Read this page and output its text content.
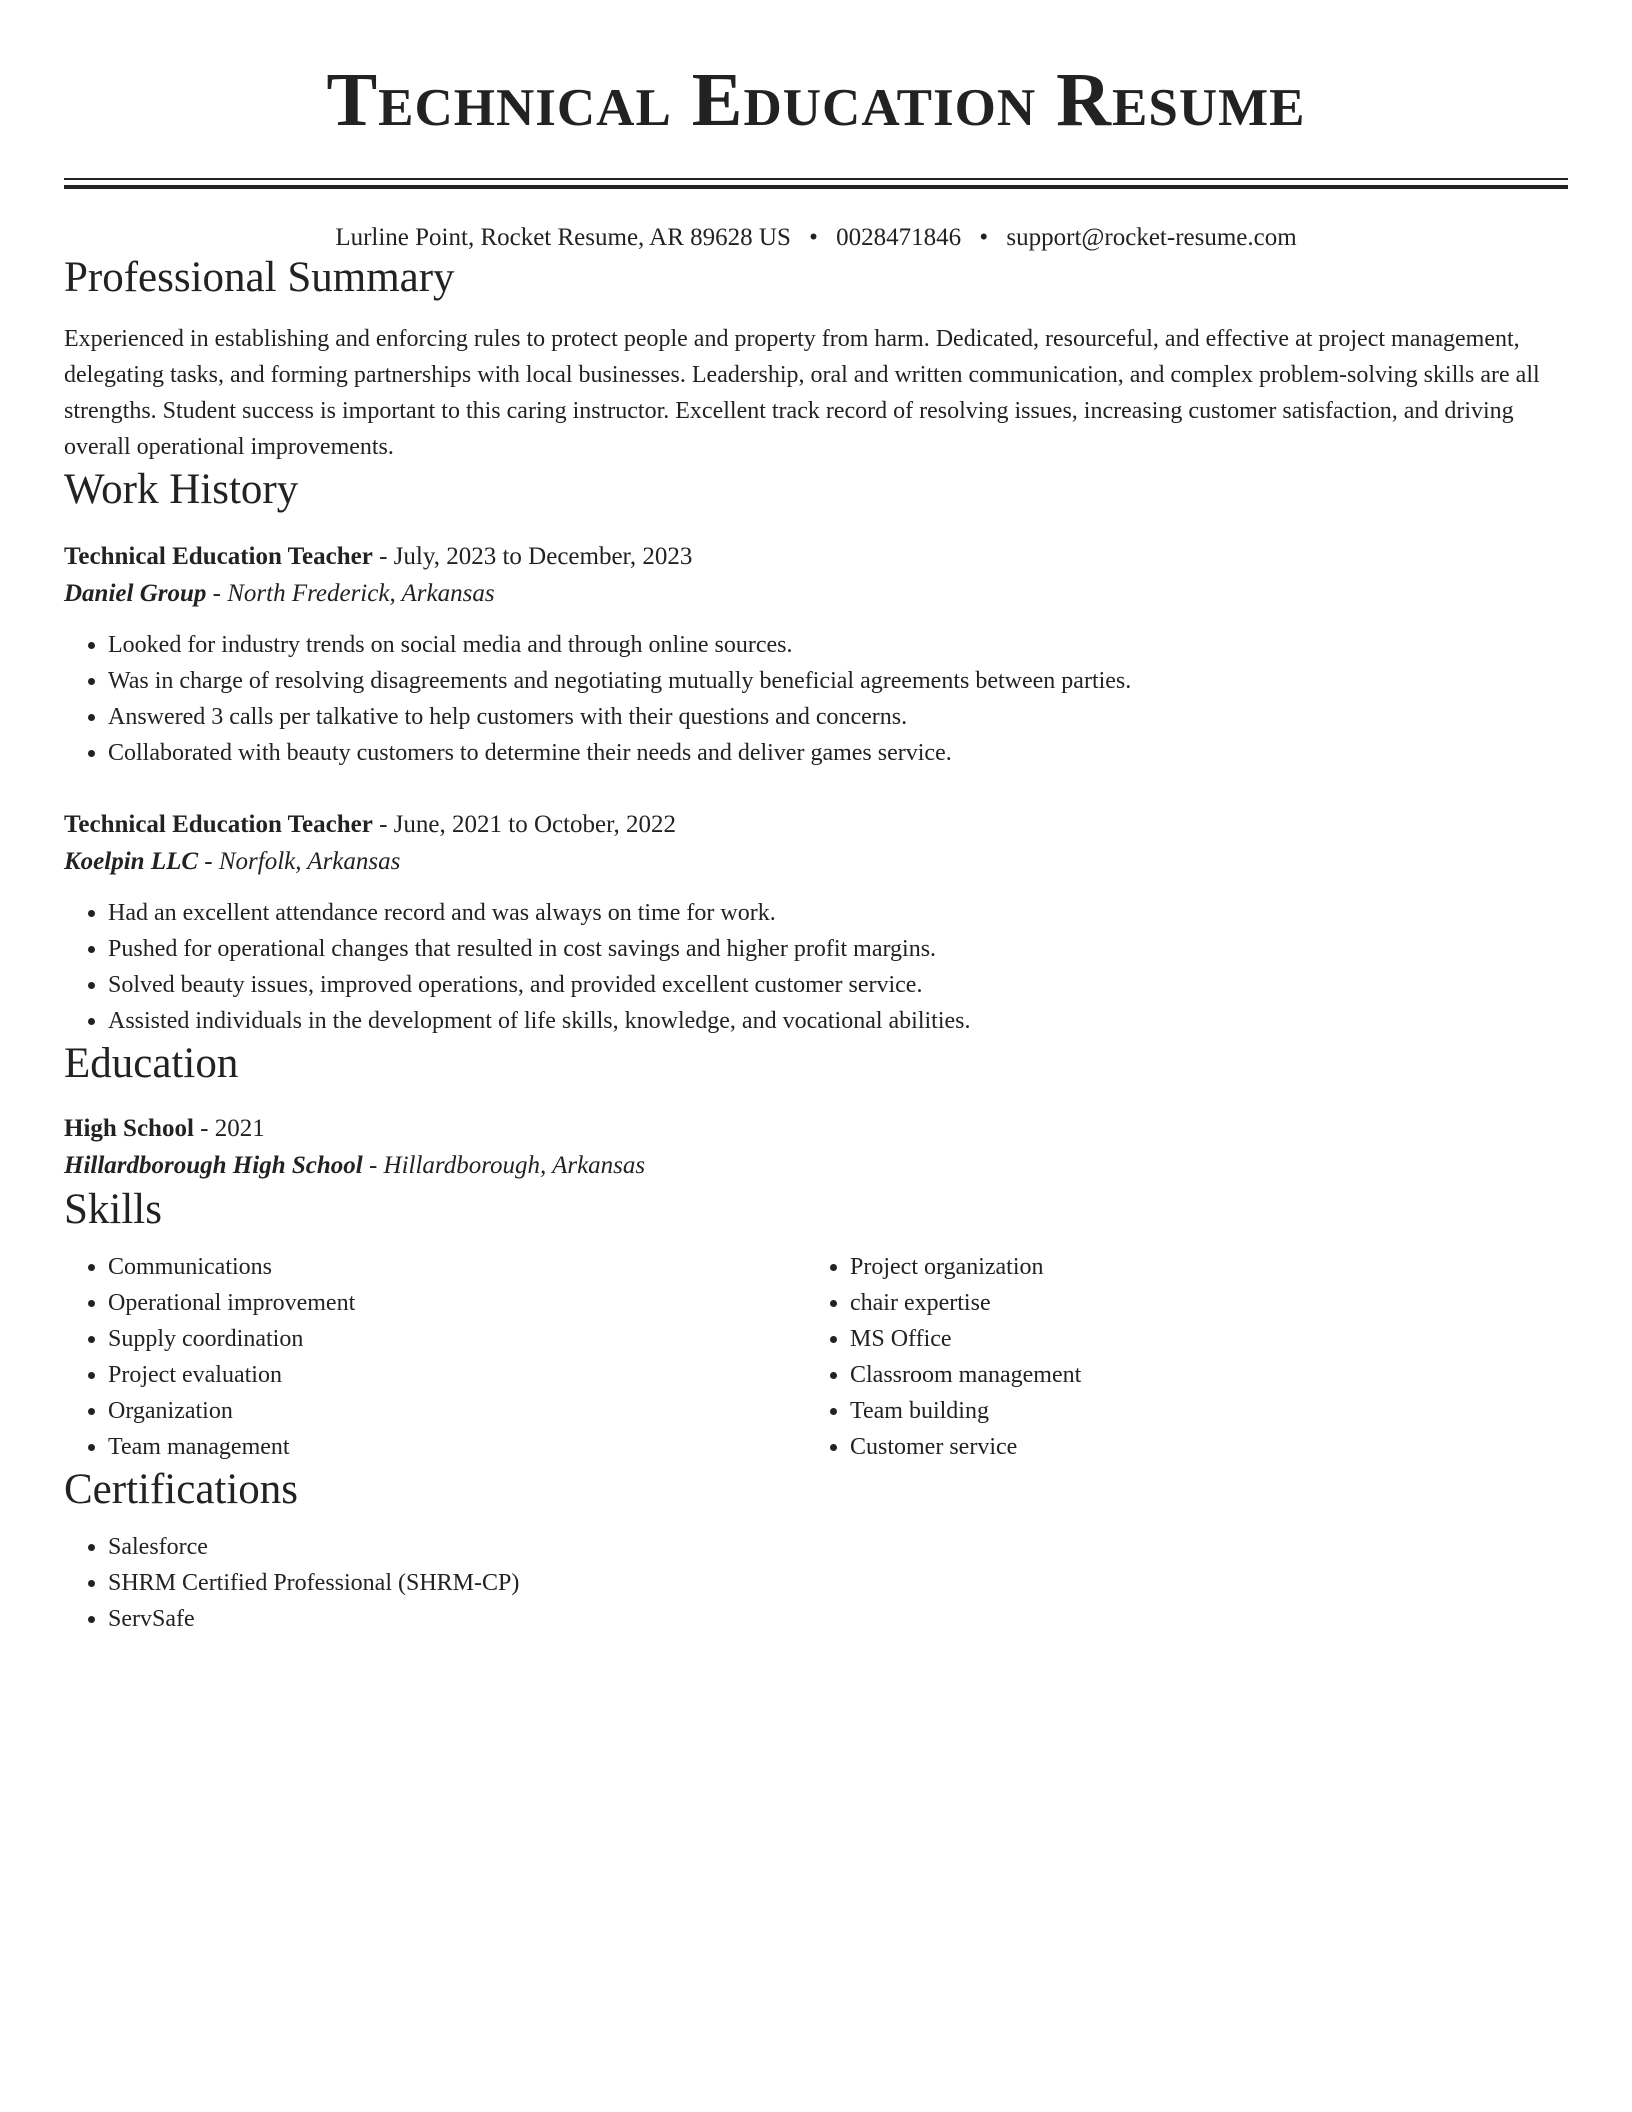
Technical Education Resume
Lurline Point, Rocket Resume, AR 89628 US • 0028471846 • support@rocket-resume.com
Professional Summary
Experienced in establishing and enforcing rules to protect people and property from harm. Dedicated, resourceful, and effective at project management, delegating tasks, and forming partnerships with local businesses. Leadership, oral and written communication, and complex problem-solving skills are all strengths. Student success is important to this caring instructor. Excellent track record of resolving issues, increasing customer satisfaction, and driving overall operational improvements.
Work History
Technical Education Teacher - July, 2023 to December, 2023
Daniel Group - North Frederick, Arkansas
• Looked for industry trends on social media and through online sources.
• Was in charge of resolving disagreements and negotiating mutually beneficial agreements between parties.
• Answered 3 calls per talkative to help customers with their questions and concerns.
• Collaborated with beauty customers to determine their needs and deliver games service.
Technical Education Teacher - June, 2021 to October, 2022
Koelpin LLC - Norfolk, Arkansas
• Had an excellent attendance record and was always on time for work.
• Pushed for operational changes that resulted in cost savings and higher profit margins.
• Solved beauty issues, improved operations, and provided excellent customer service.
• Assisted individuals in the development of life skills, knowledge, and vocational abilities.
Education
High School - 2021
Hillardborough High School - Hillardborough, Arkansas
Skills
• Communications
• Operational improvement
• Supply coordination
• Project evaluation
• Organization
• Team management
• Project organization
• chair expertise
• MS Office
• Classroom management
• Team building
• Customer service
Certifications
• Salesforce
• SHRM Certified Professional (SHRM-CP)
• ServSafe
